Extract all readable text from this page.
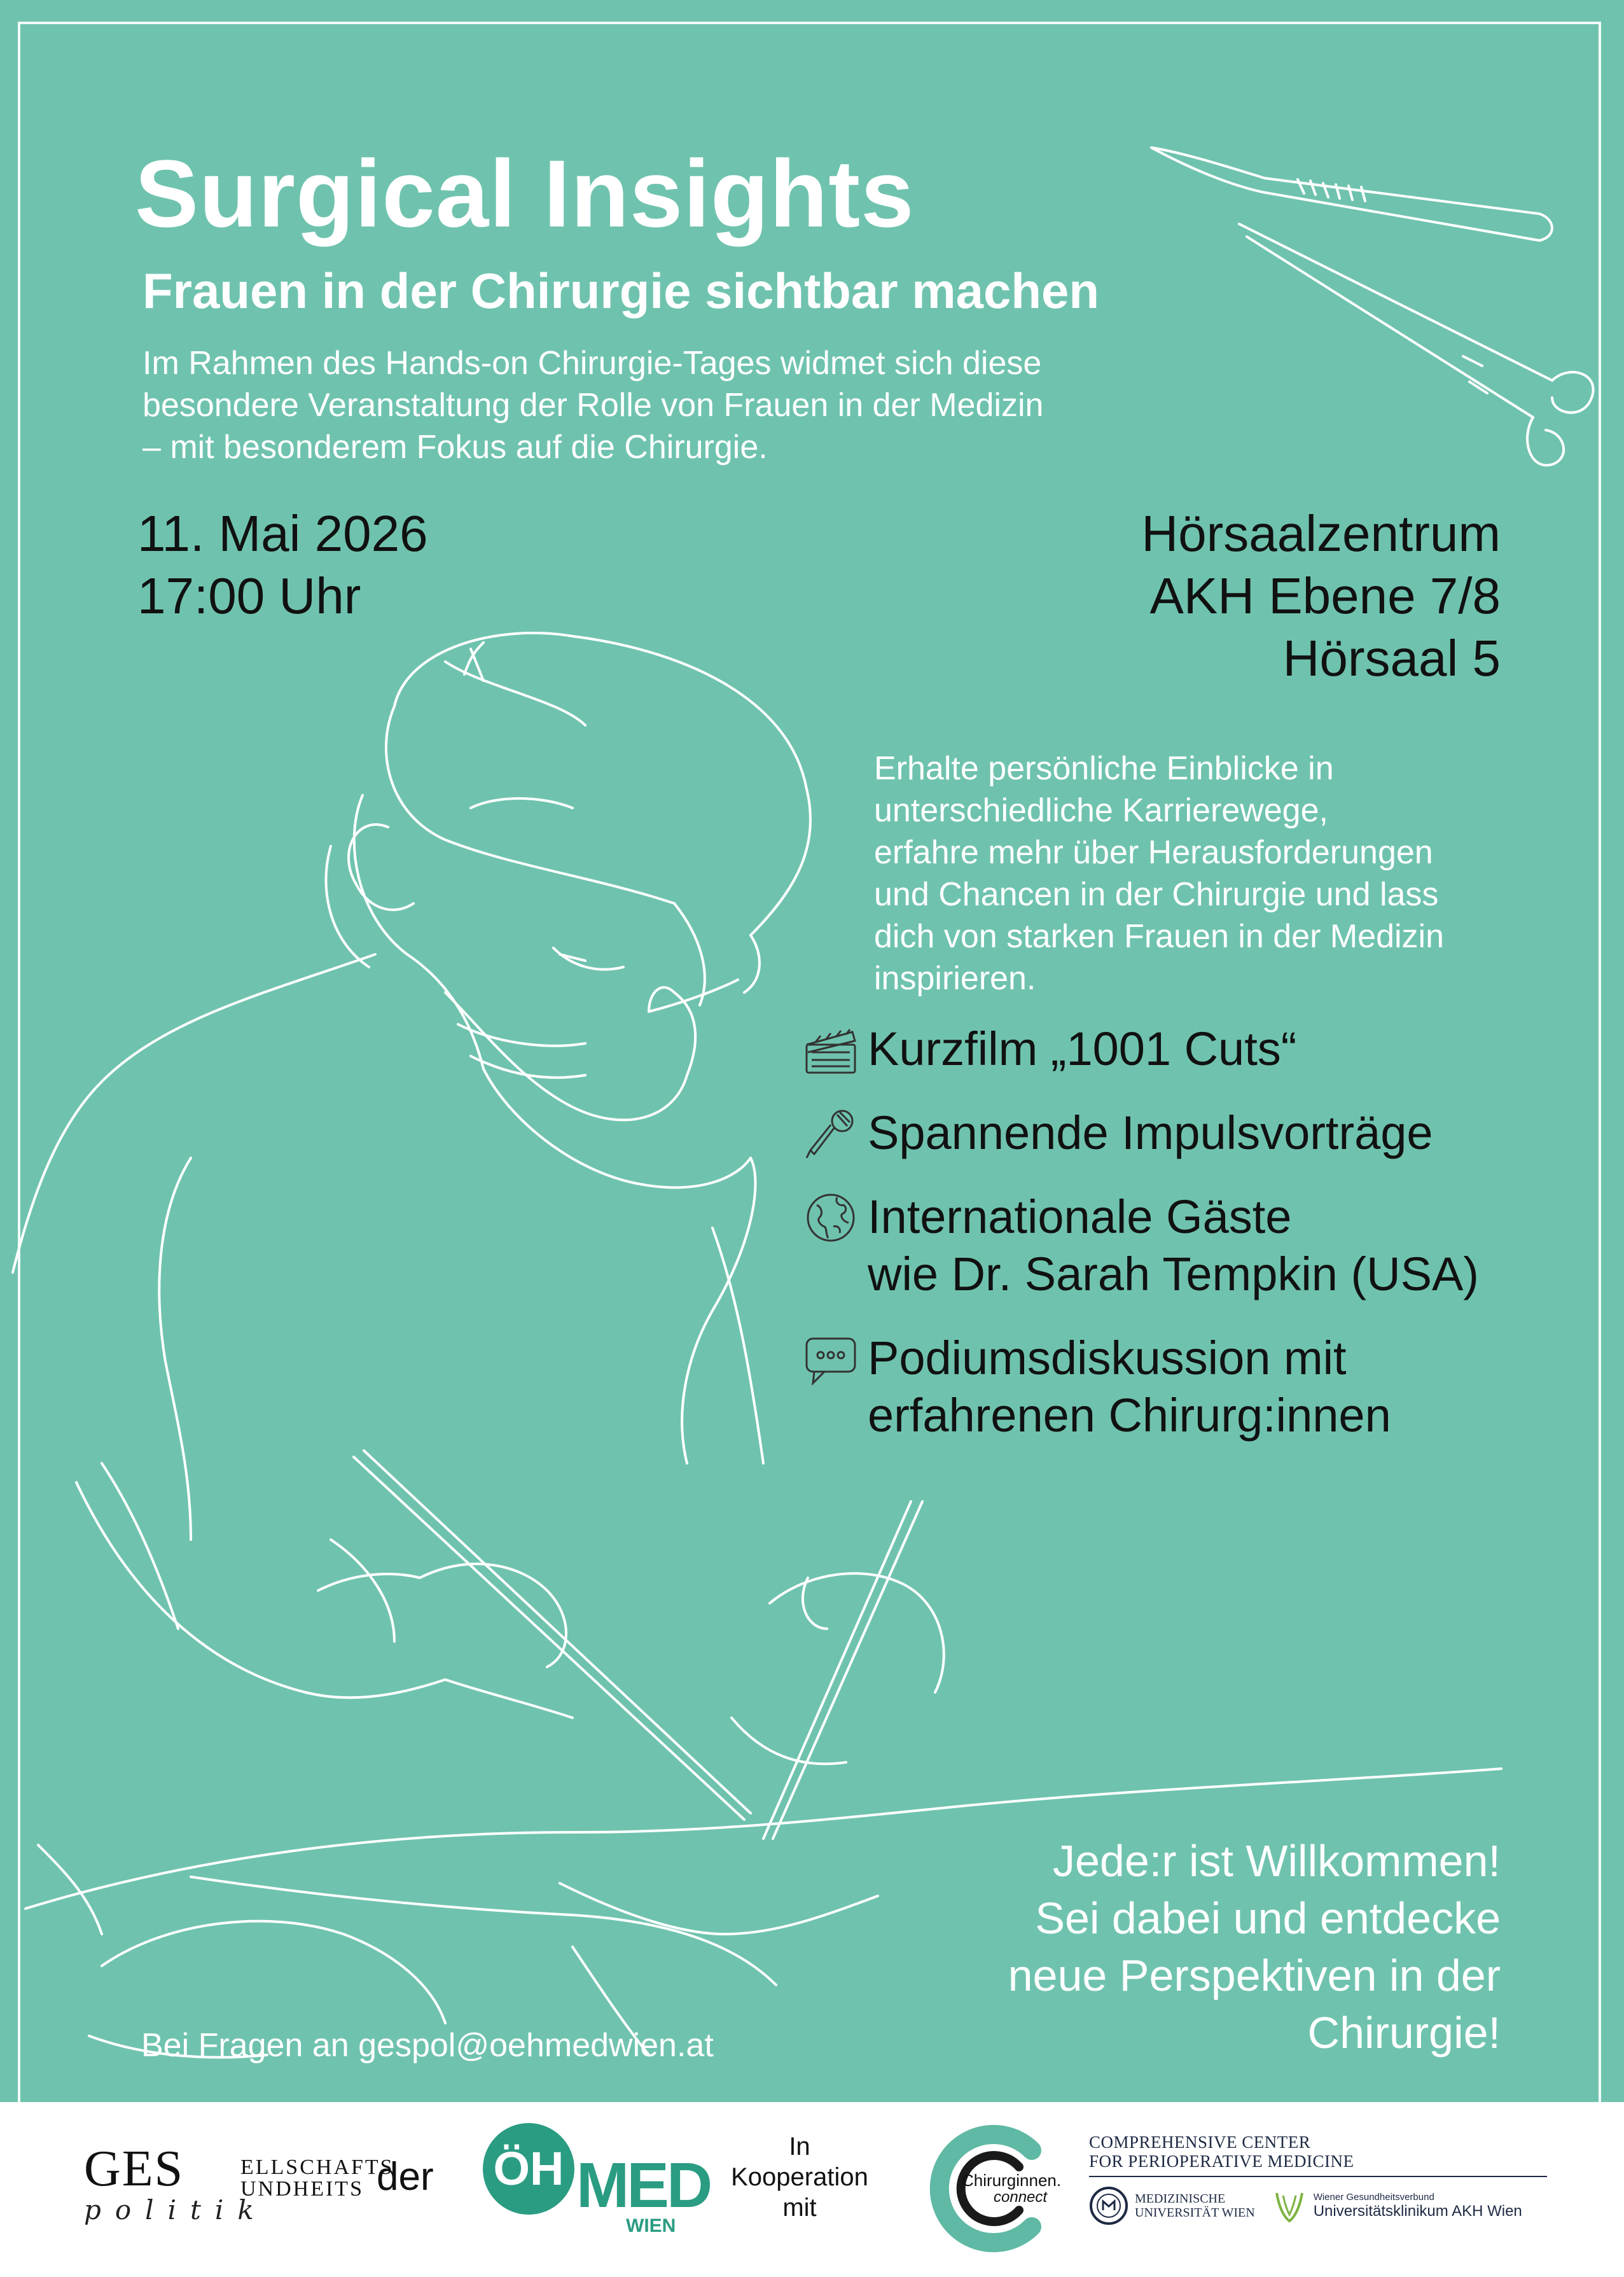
Surgical Insights
Frauen in der Chirurgie sichtbar machen
Im Rahmen des Hands-on Chirurgie-Tages widmet sich diese
besondere Veranstaltung der Rolle von Frauen in der Medizin
– mit besonderem Fokus auf die Chirurgie.
11. Mai 2026
17:00 Uhr
Hörsaalzentrum
AKH Ebene 7/8
Hörsaal 5
Erhalte persönliche Einblicke in
unterschiedliche Karrierewege,
erfahre mehr über Herausforderungen
und Chancen in der Chirurgie und lass
dich von starken Frauen in der Medizin
inspirieren.
Kurzfilm „1001 Cuts“
Spannende Impulsvorträge
Internationale Gäste
wie Dr. Sarah Tempkin (USA)
Podiumsdiskussion mit
erfahrenen Chirurg:innen
Jede:r ist Willkommen!
Sei dabei und entdecke
neue Perspektiven in der
Chirurgie!
Bei Fragen an gespol@oehmedwien.at
GES	ELLSCHAFTS
UNDHEITS
politik
der ÖH MED
WIEN
In
Kooperation
mit
Chirurginnen.
connect
COMPREHENSIVE CENTER
FOR PERIOPERATIVE MEDICINE
MEDIZINISCHE
UNIVERSITÄT WIEN
Wiener Gesundheitsverbund
Universitätsklinikum AKH Wien
